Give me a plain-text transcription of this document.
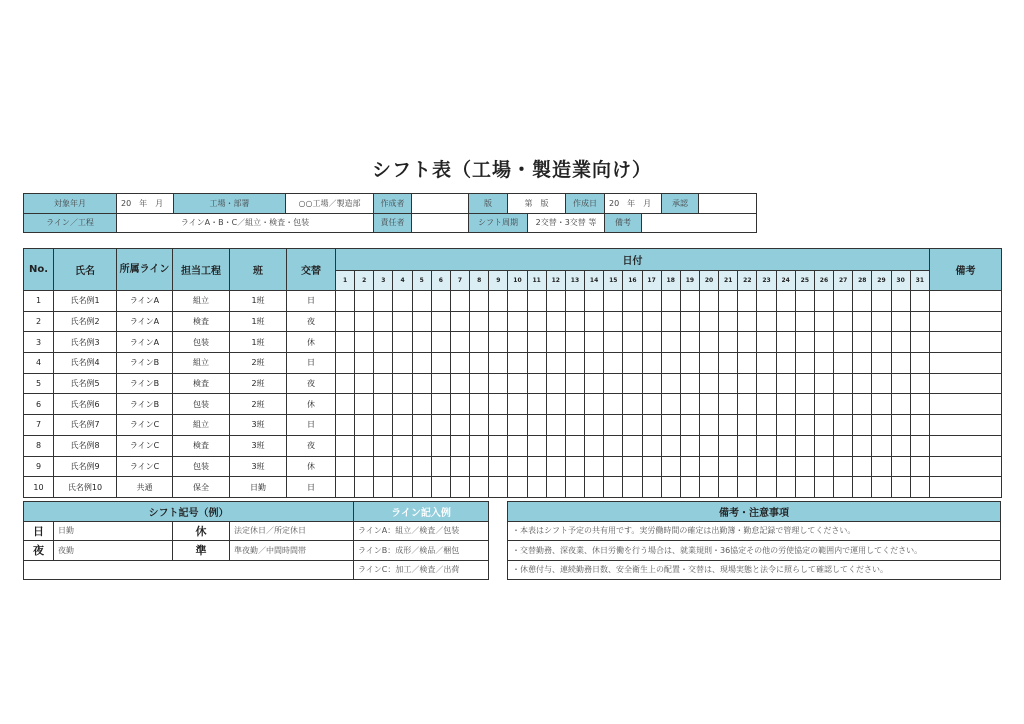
シフト表（工場・製造業向け）
対象年月	20　年　月	工場・部署	○○工場／製造部	作成者		版	第　版		作成日	20　年　月		承認	
ライン／工程	ラインA・B・C／組立・検査・包装			責任者		シフト周期		2交替・3交替 等		備考			
No.	氏名	所属ライン	担当工程	班	交替	日付																															備考
						1	2	3	4	5	6	7	8	9	10	11	12	13	14	15	16	17	18	19	20	21	22	23	24	25	26	27	28	29	30	31	
1	氏名例1	ラインA	組立	1班	日																																
2	氏名例2	ラインA	検査	1班	夜																																
3	氏名例3	ラインA	包装	1班	休																																
4	氏名例4	ラインB	組立	2班	日																																
5	氏名例5	ラインB	検査	2班	夜																																
6	氏名例6	ラインB	包装	2班	休																																
7	氏名例7	ラインC	組立	3班	日																																
8	氏名例8	ラインC	検査	3班	夜																																
9	氏名例9	ラインC	包装	3班	休																																
10	氏名例10	共通	保全	日勤	日																																
シフト記号（例）				ライン記入例
日	日勤	休	法定休日／所定休日	ラインA：組立／検査／包装
夜	夜勤	準	準夜勤／中間時間帯	ラインB：成形／検品／梱包
				ラインC：加工／検査／出荷
備考・注意事項
・本表はシフト予定の共有用です。実労働時間の確定は出勤簿・勤怠記録で管理してください。
・交替勤務、深夜業、休日労働を行う場合は、就業規則・36協定その他の労使協定の範囲内で運用してください。
・休憩付与、連続勤務日数、安全衛生上の配置・交替は、現場実態と法令に照らして確認してください。
